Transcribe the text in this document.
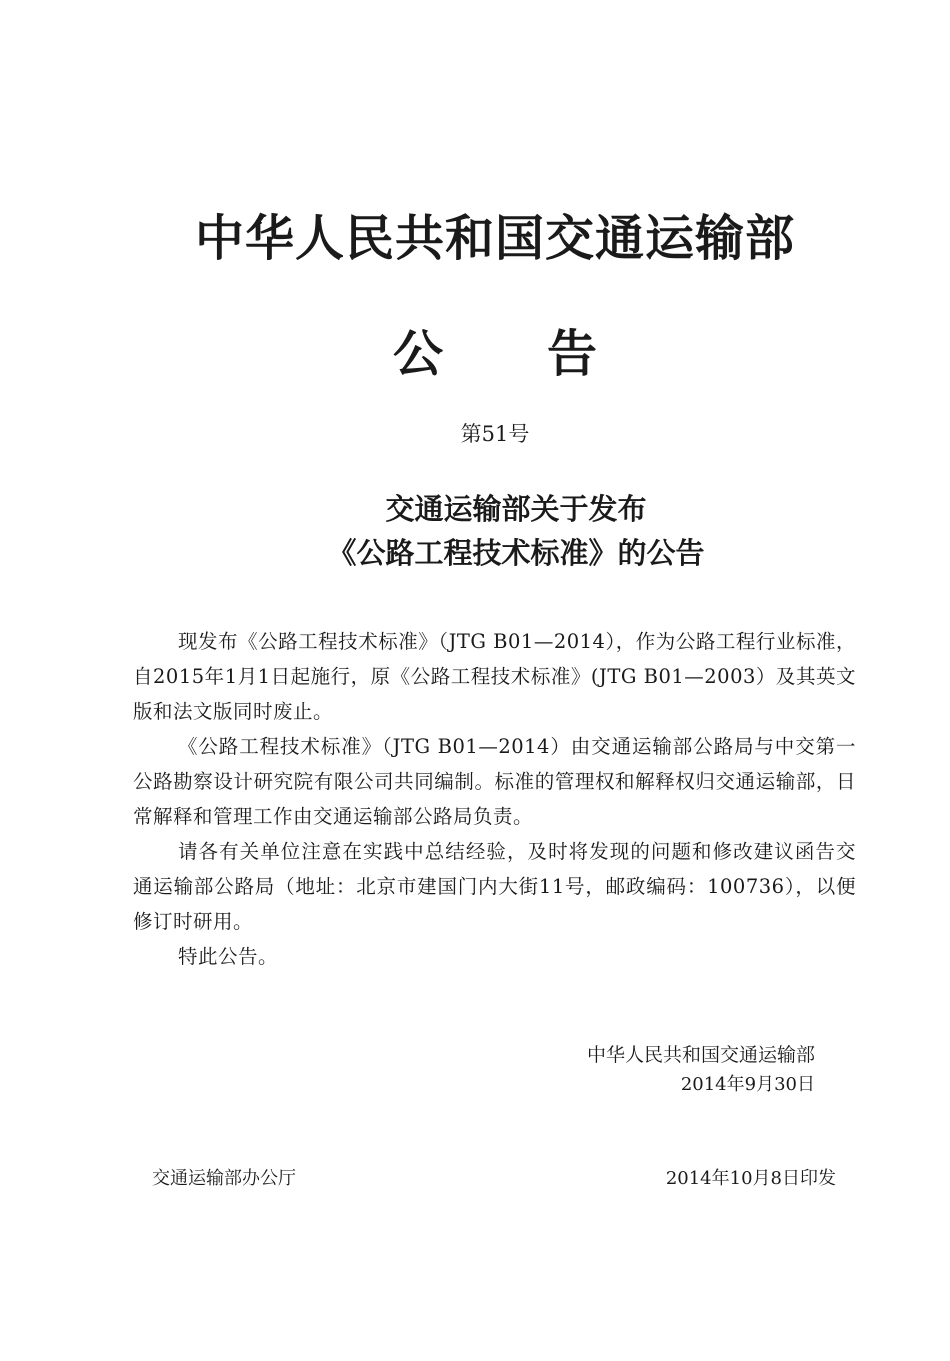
中华人民共和国交通运输部
公 告
第51号
交通运输部关于发布
《公路工程技术标准》的公告

现发布《公路工程技术标准》（JTG B01—2014），作为公路工程行业标准，自2015年1月1日起施行，原《公路工程技术标准》(JTG B01—2003）及其英文版和法文版同时废止。

《公路工程技术标准》（JTG B01—2014）由交通运输部公路局与中交第一公路勘察设计研究院有限公司共同编制。标准的管理权和解释权归交通运输部，日常解释和管理工作由交通运输部公路局负责。

请各有关单位注意在实践中总结经验，及时将发现的问题和修改建议函告交通运输部公路局（地址：北京市建国门内大街11号，邮政编码：100736），以便修订时研用。

特此公告。

中华人民共和国交通运输部
2014年9月30日
交通运输部办公厅	2014年10月8日印发
